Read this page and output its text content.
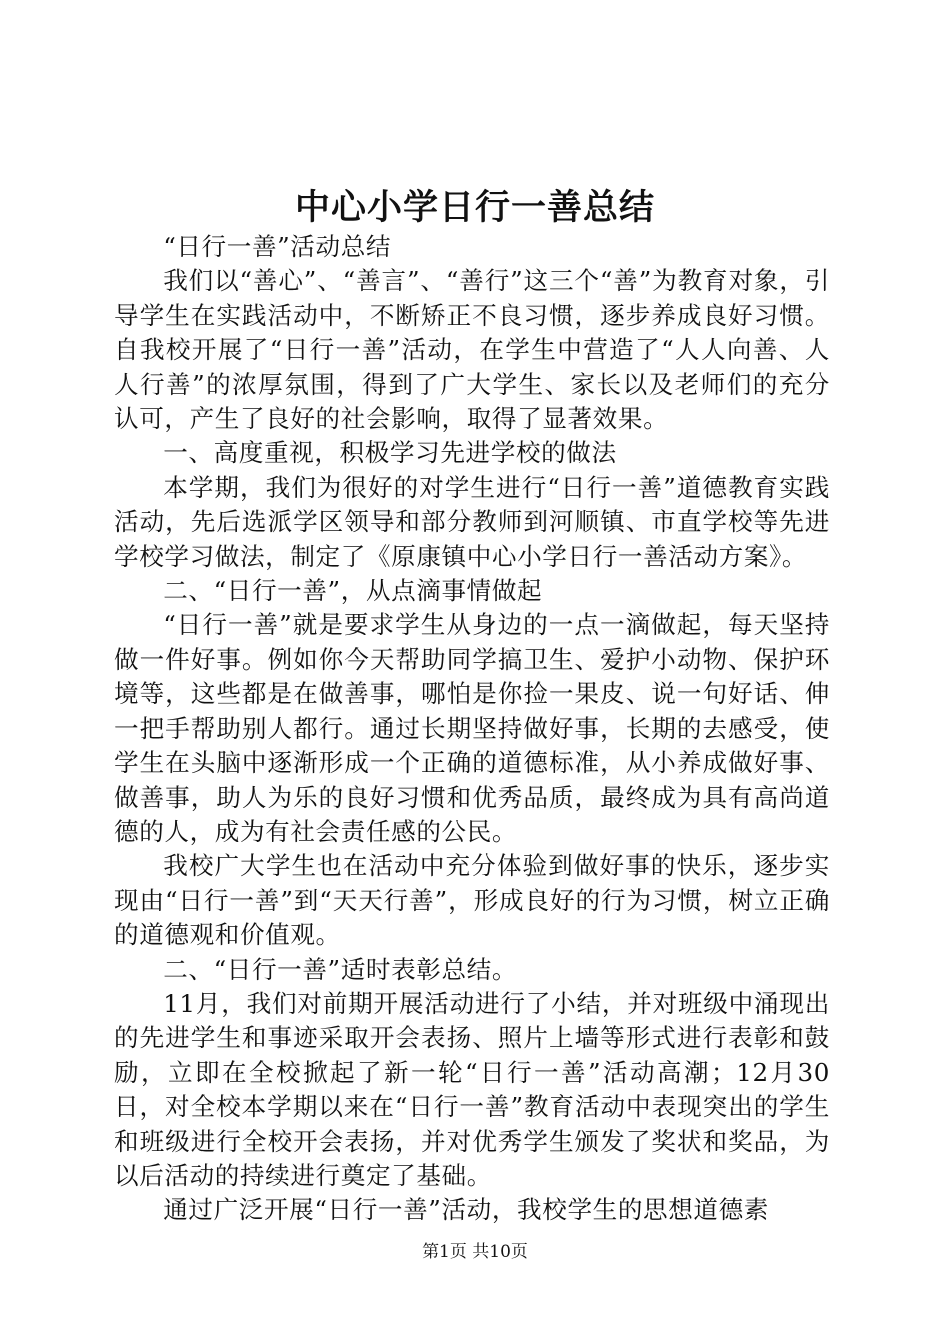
中心小学日行一善总结

“日行一善”活动总结

我们以“善心”、“善言”、“善行”这三个“善”为教育对象，引导学生在实践活动中，不断矫正不良习惯，逐步养成良好习惯。自我校开展了“日行一善”活动，在学生中营造了“人人向善、人人行善”的浓厚氛围，得到了广大学生、家长以及老师们的充分认可，产生了良好的社会影响，取得了显著效果。

一、高度重视，积极学习先进学校的做法

本学期，我们为很好的对学生进行“日行一善”道德教育实践活动，先后选派学区领导和部分教师到河顺镇、市直学校等先进学校学习做法，制定了《原康镇中心小学日行一善活动方案》。

二、“日行一善”，从点滴事情做起

“日行一善”就是要求学生从身边的一点一滴做起，每天坚持做一件好事。例如你今天帮助同学搞卫生、爱护小动物、保护环境等，这些都是在做善事，哪怕是你捡一果皮、说一句好话、伸一把手帮助别人都行。通过长期坚持做好事，长期的去感受，使学生在头脑中逐渐形成一个正确的道德标准，从小养成做好事、做善事，助人为乐的良好习惯和优秀品质，最终成为具有高尚道德的人，成为有社会责任感的公民。

我校广大学生也在活动中充分体验到做好事的快乐，逐步实现由“日行一善”到“天天行善”，形成良好的行为习惯，树立正确的道德观和价值观。

二、“日行一善”适时表彰总结。

11月，我们对前期开展活动进行了小结，并对班级中涌现出的先进学生和事迹采取开会表扬、照片上墙等形式进行表彰和鼓励，立即在全校掀起了新一轮“日行一善”活动高潮；12月30日，对全校本学期以来在“日行一善”教育活动中表现突出的学生和班级进行全校开会表扬，并对优秀学生颁发了奖状和奖品，为以后活动的持续进行奠定了基础。

通过广泛开展“日行一善”活动，我校学生的思想道德素

第1页 共10页
